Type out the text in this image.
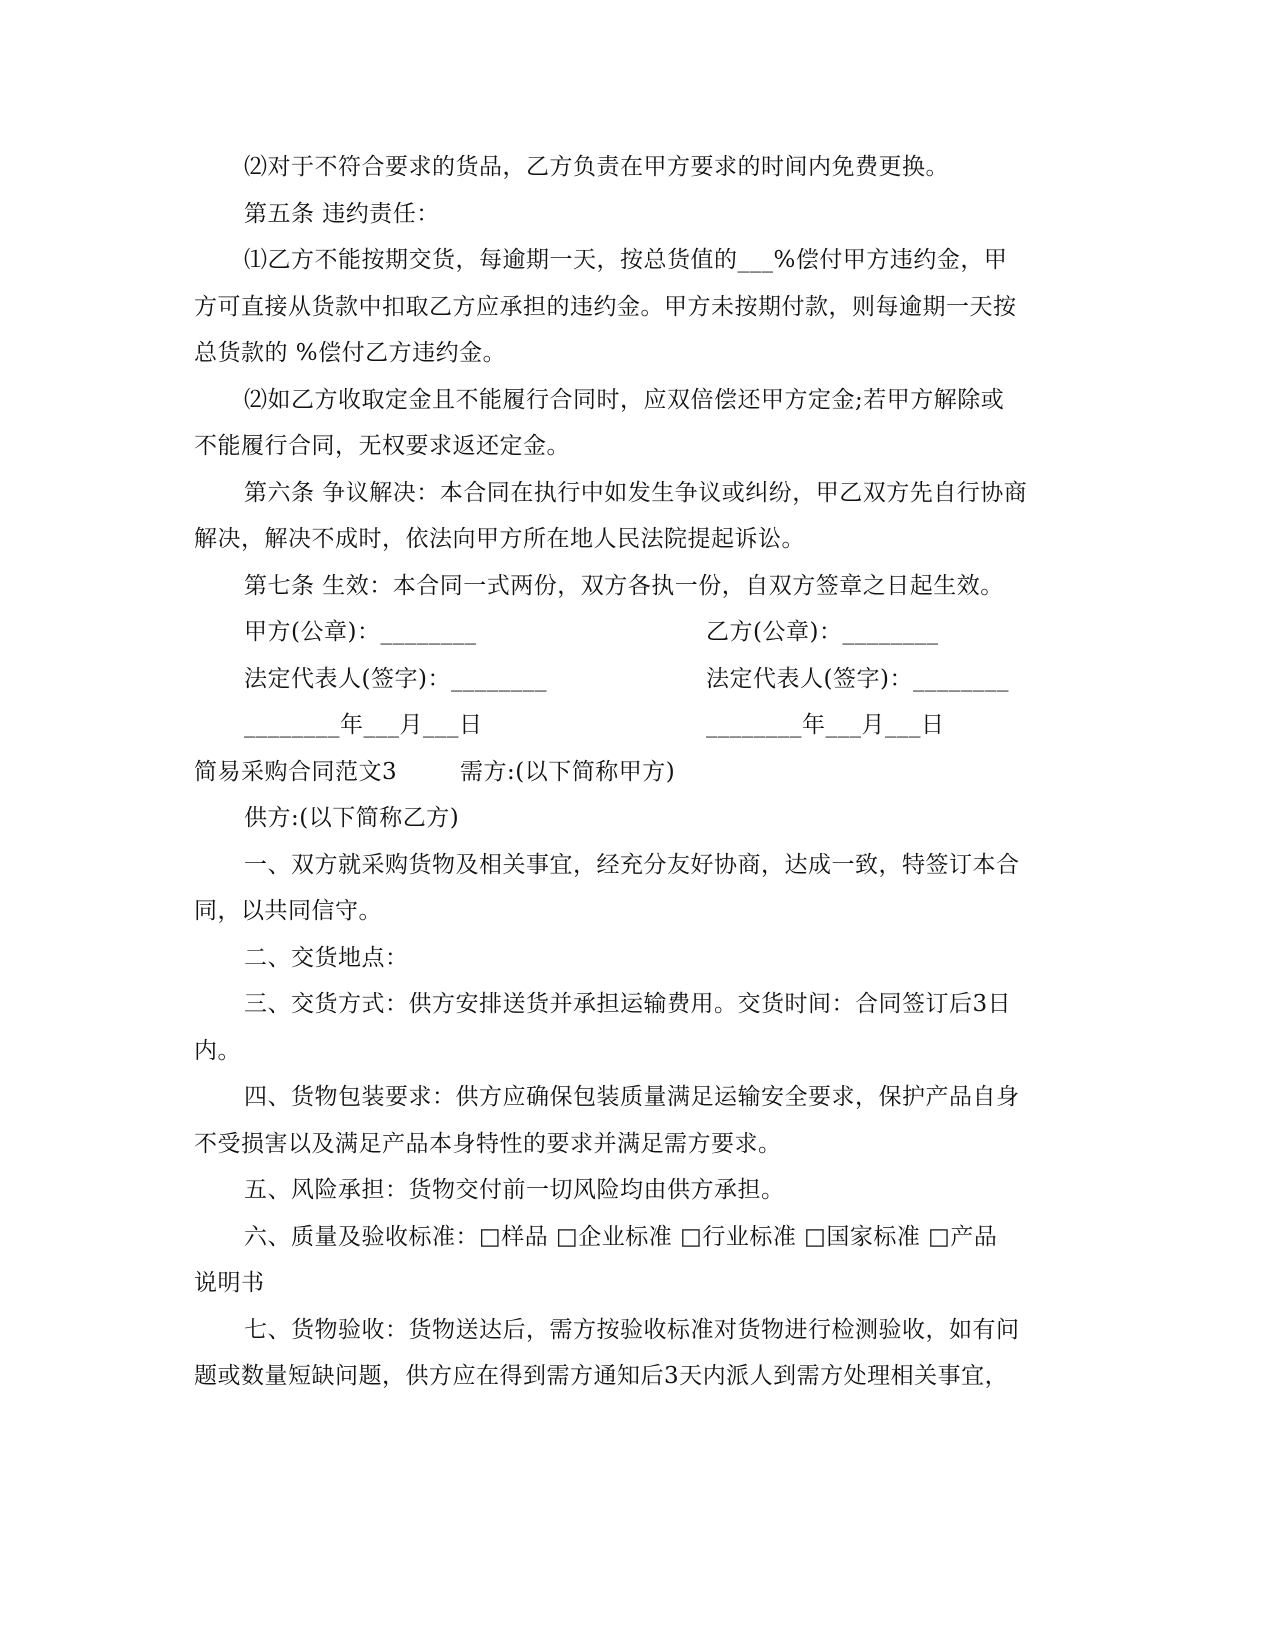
⑵对于不符合要求的货品，乙方负责在甲方要求的时间内免费更换。
第五条 违约责任：
⑴乙方不能按期交货，每逾期一天，按总货值的___%偿付甲方违约金，甲
方可直接从货款中扣取乙方应承担的违约金。甲方未按期付款，则每逾期一天按
总货款的 %偿付乙方违约金。
⑵如乙方收取定金且不能履行合同时，应双倍偿还甲方定金;若甲方解除或
不能履行合同，无权要求返还定金。
第六条 争议解决：本合同在执行中如发生争议或纠纷，甲乙双方先自行协商
解决，解决不成时，依法向甲方所在地人民法院提起诉讼。
第七条 生效：本合同一式两份，双方各执一份，自双方签章之日起生效。
甲方(公章)：________	乙方(公章)：________
法定代表人(签字)：________	法定代表人(签字)：________
________年___月___日	________年___月___日
简易采购合同范文3	需方:(以下简称甲方)
供方:(以下简称乙方)
一、双方就采购货物及相关事宜，经充分友好协商，达成一致，特签订本合
同，以共同信守。
二、交货地点：
三、交货方式：供方安排送货并承担运输费用。交货时间：合同签订后3日
内。
四、货物包装要求：供方应确保包装质量满足运输安全要求，保护产品自身
不受损害以及满足产品本身特性的要求并满足需方要求。
五、风险承担：货物交付前一切风险均由供方承担。
六、质量及验收标准：□样品 □企业标准 □行业标准 □国家标准 □产品
说明书
七、货物验收：货物送达后，需方按验收标准对货物进行检测验收，如有问
题或数量短缺问题，供方应在得到需方通知后3天内派人到需方处理相关事宜，
